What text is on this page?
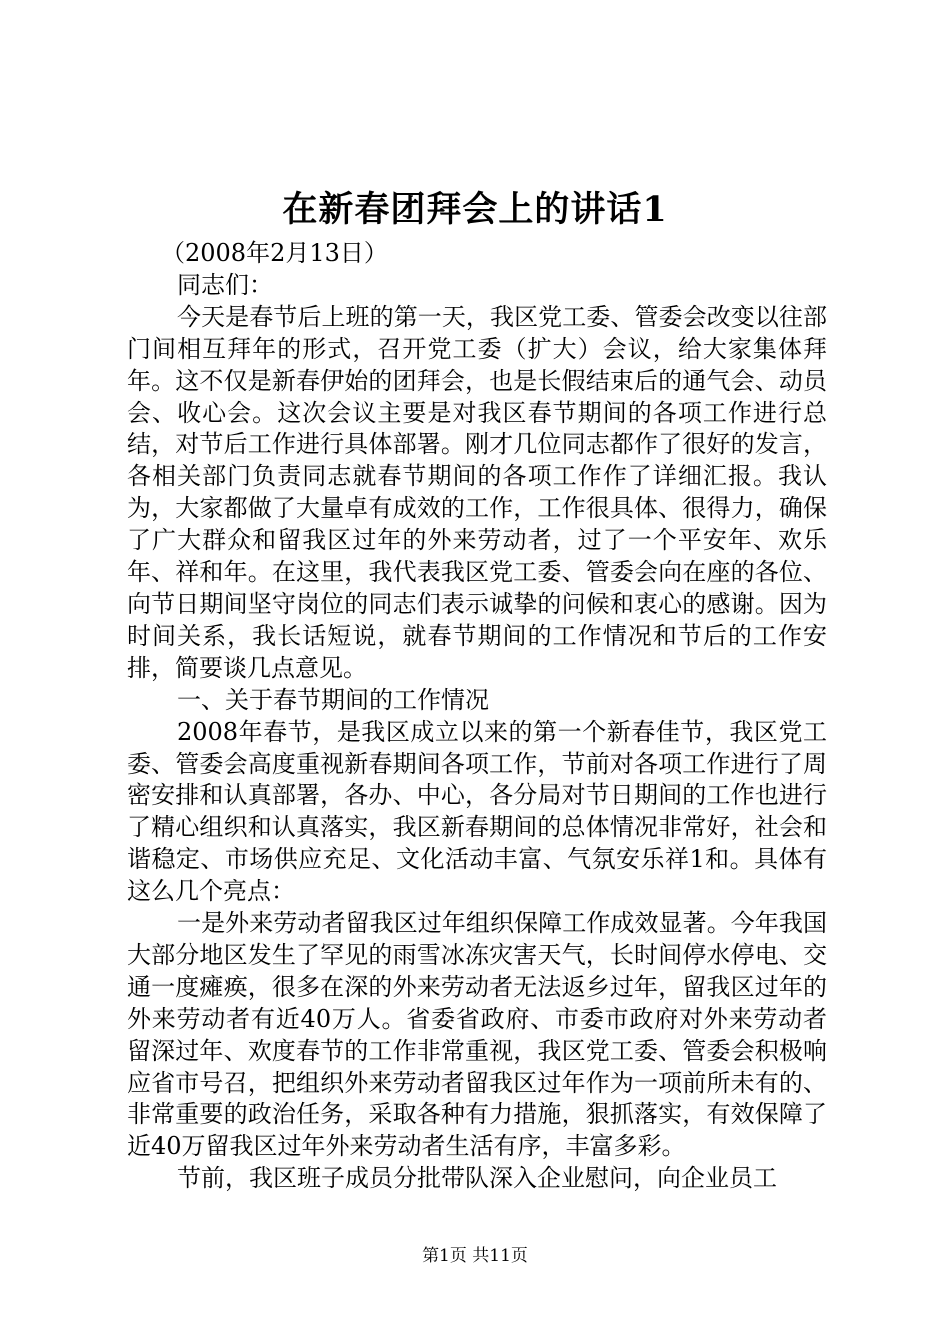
在新春团拜会上的讲话1

（2008年2月13日）

同志们：

今天是春节后上班的第一天，我区党工委、管委会改变以往部门间相互拜年的形式，召开党工委（扩大）会议，给大家集体拜年。这不仅是新春伊始的团拜会，也是长假结束后的通气会、动员会、收心会。这次会议主要是对我区春节期间的各项工作进行总结，对节后工作进行具体部署。刚才几位同志都作了很好的发言，各相关部门负责同志就春节期间的各项工作作了详细汇报。我认为，大家都做了大量卓有成效的工作，工作很具体、很得力，确保了广大群众和留我区过年的外来劳动者，过了一个平安年、欢乐年、祥和年。在这里，我代表我区党工委、管委会向在座的各位、向节日期间坚守岗位的同志们表示诚挚的问候和衷心的感谢。因为时间关系，我长话短说，就春节期间的工作情况和节后的工作安排，简要谈几点意见。

一、关于春节期间的工作情况

2008年春节，是我区成立以来的第一个新春佳节，我区党工委、管委会高度重视新春期间各项工作，节前对各项工作进行了周密安排和认真部署，各办、中心，各分局对节日期间的工作也进行了精心组织和认真落实，我区新春期间的总体情况非常好，社会和谐稳定、市场供应充足、文化活动丰富、气氛安乐祥1和。具体有这么几个亮点：

一是外来劳动者留我区过年组织保障工作成效显著。今年我国大部分地区发生了罕见的雨雪冰冻灾害天气，长时间停水停电、交通一度瘫痪，很多在深的外来劳动者无法返乡过年，留我区过年的外来劳动者有近40万人。省委省政府、市委市政府对外来劳动者留深过年、欢度春节的工作非常重视，我区党工委、管委会积极响应省市号召，把组织外来劳动者留我区过年作为一项前所未有的、非常重要的政治任务，采取各种有力措施，狠抓落实，有效保障了近40万留我区过年外来劳动者生活有序，丰富多彩。

节前，我区班子成员分批带队深入企业慰问，向企业员工

第1页 共11页
